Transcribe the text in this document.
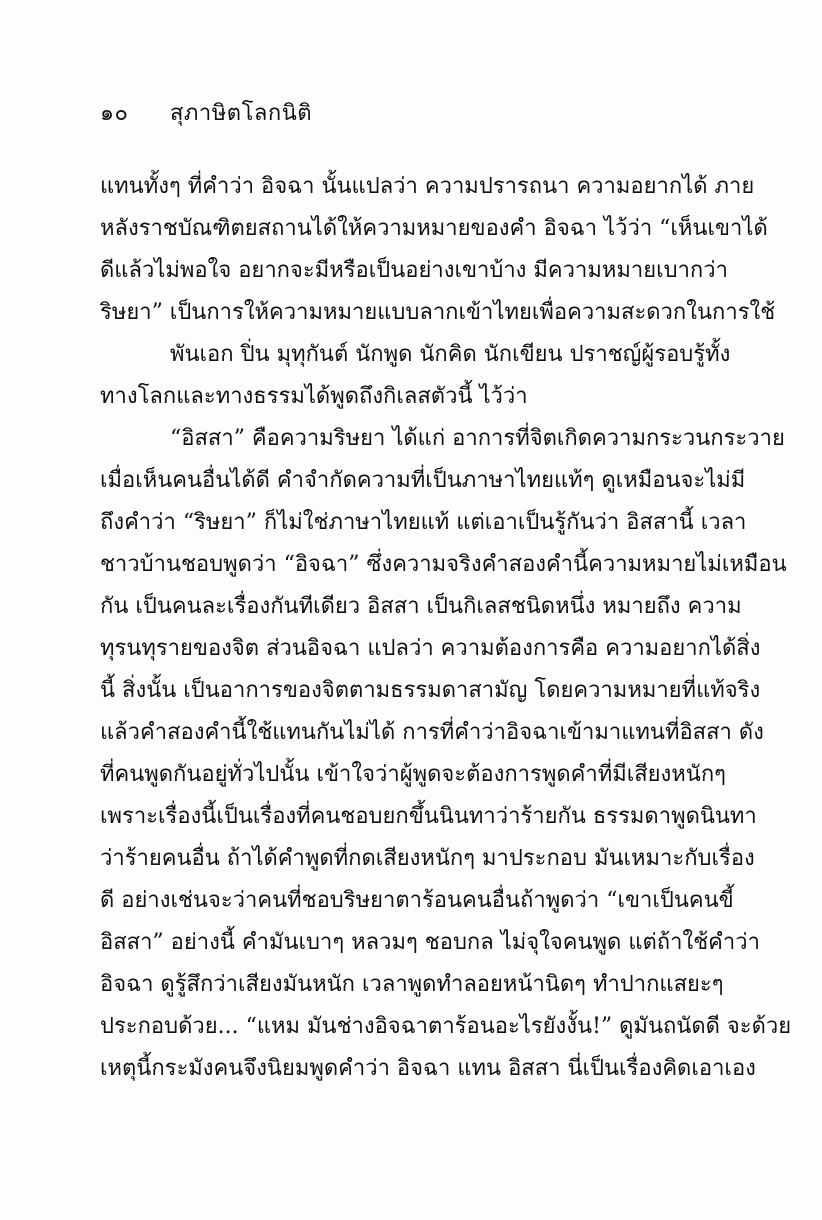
๑๐	สุภาษิตโลกนิติ
แทนทั้งๆ ที่คำว่า อิจฉา นั้นแปลว่า ความปรารถนา ความอยากได้ ภาย
หลังราชบัณฑิตยสถานได้ให้ความหมายของคำ อิจฉา ไว้ว่า “เห็นเขาได้
ดีแล้วไม่พอใจ อยากจะมีหรือเป็นอย่างเขาบ้าง มีความหมายเบากว่า
ริษยา” เป็นการให้ความหมายแบบลากเข้าไทยเพื่อความสะดวกในการใช้
พันเอก ปิ่น มุทุกันต์ นักพูด นักคิด นักเขียน ปราชญ์ผู้รอบรู้ทั้ง
ทางโลกและทางธรรมได้พูดถึงกิเลสตัวนี้ ไว้ว่า
“อิสสา” คือความริษยา ได้แก่ อาการที่จิตเกิดความกระวนกระวาย
เมื่อเห็นคนอื่นได้ดี คำจำกัดความที่เป็นภาษาไทยแท้ๆ ดูเหมือนจะไม่มี
ถึงคำว่า “ริษยา” ก็ไม่ใช่ภาษาไทยแท้ แต่เอาเป็นรู้กันว่า อิสสานี้ เวลา
ชาวบ้านชอบพูดว่า “อิจฉา” ซึ่งความจริงคำสองคำนี้ความหมายไม่เหมือน
กัน เป็นคนละเรื่องกันทีเดียว อิสสา เป็นกิเลสชนิดหนึ่ง หมายถึง ความ
ทุรนทุรายของจิต ส่วนอิจฉา แปลว่า ความต้องการคือ ความอยากได้สิ่ง
นี้ สิ่งนั้น เป็นอาการของจิตตามธรรมดาสามัญ โดยความหมายที่แท้จริง
แล้วคำสองคำนี้ใช้แทนกันไม่ได้ การที่คำว่าอิจฉาเข้ามาแทนที่อิสสา ดัง
ที่คนพูดกันอยู่ทั่วไปนั้น เข้าใจว่าผู้พูดจะต้องการพูดคำที่มีเสียงหนักๆ
เพราะเรื่องนี้เป็นเรื่องที่คนชอบยกขึ้นนินทาว่าร้ายกัน ธรรมดาพูดนินทา
ว่าร้ายคนอื่น ถ้าได้คำพูดที่กดเสียงหนักๆ มาประกอบ มันเหมาะกับเรื่อง
ดี อย่างเช่นจะว่าคนที่ชอบริษยาตาร้อนคนอื่นถ้าพูดว่า “เขาเป็นคนขี้
อิสสา” อย่างนี้ คำมันเบาๆ หลวมๆ ชอบกล ไม่จุใจคนพูด แต่ถ้าใช้คำว่า
อิจฉา ดูรู้สึกว่าเสียงมันหนัก เวลาพูดทำลอยหน้านิดๆ ทำปากแสยะๆ
ประกอบด้วย... “แหม มันช่างอิจฉาตาร้อนอะไรยังงั้น!” ดูมันถนัดดี จะด้วย
เหตุนี้กระมังคนจึงนิยมพูดคำว่า อิจฉา แทน อิสสา นี่เป็นเรื่องคิดเอาเอง
